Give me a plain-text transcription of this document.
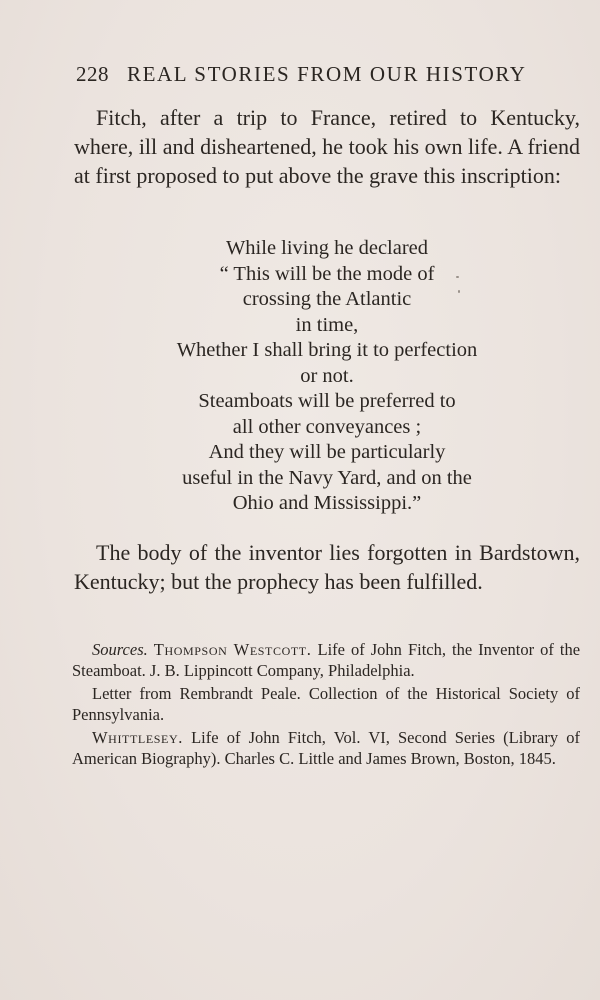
228 REAL STORIES FROM OUR HISTORY

Fitch, after a trip to France, retired to Kentucky, where, ill and disheartened, he took his own life. A friend at first proposed to put above the grave this inscription:

While living he declared
“ This will be the mode of
crossing the Atlantic
in time,
Whether I shall bring it to perfection
or not.
Steamboats will be preferred to
all other conveyances ;
And they will be particularly
useful in the Navy Yard, and on the
Ohio and Mississippi.”

The body of the inventor lies forgotten in Bardstown, Kentucky; but the prophecy has been fulfilled.

Sources. Thompson Westcott. Life of John Fitch, the Inventor of the Steamboat. J. B. Lippincott Company, Philadelphia.

Letter from Rembrandt Peale. Collection of the Historical Society of Pennsylvania.

Whittlesey. Life of John Fitch, Vol. VI, Second Series (Library of American Biography). Charles C. Little and James Brown, Boston, 1845.
